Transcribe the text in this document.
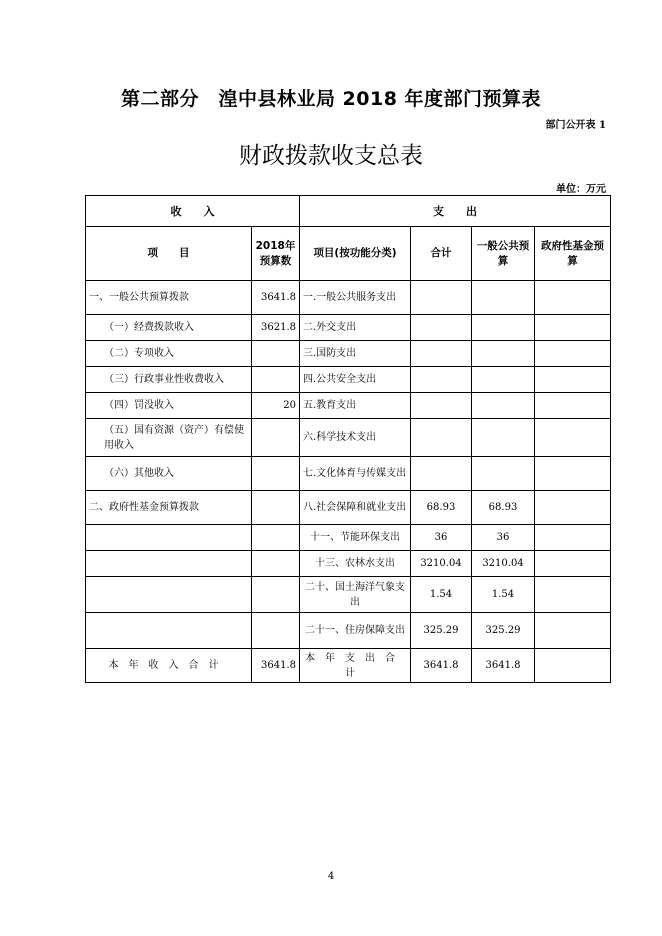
第二部分　湟中县林业局 2018 年度部门预算表
部门公开表 1
财政拨款收支总表
单位：万元
收　　入		支　　出			
项　　目	2018年预算数	项目(按功能分类)	合计	一般公共预算	政府性基金预算
一、一般公共预算拨款	3641.8	一.一般公共服务支出			
（一）经费拨款收入	3621.8	二.外交支出			
（二）专项收入		三.国防支出			
（三）行政事业性收费收入		四.公共安全支出			
（四）罚没收入	20	五.教育支出			
（五）国有资源（资产）有偿使用收入		六.科学技术支出			
（六）其他收入		七.文化体育与传媒支出			
二、政府性基金预算拨款		八.社会保障和就业支出	68.93	68.93	
		十一、节能环保支出	36	36	
		十三、农林水支出	3210.04	3210.04	
		二十、国土海洋气象支出	1.54	1.54	
		二十一、住房保障支出	325.29	325.29	
本年收入合计	3641.8	本年支出合计	3641.8	3641.8	
4
